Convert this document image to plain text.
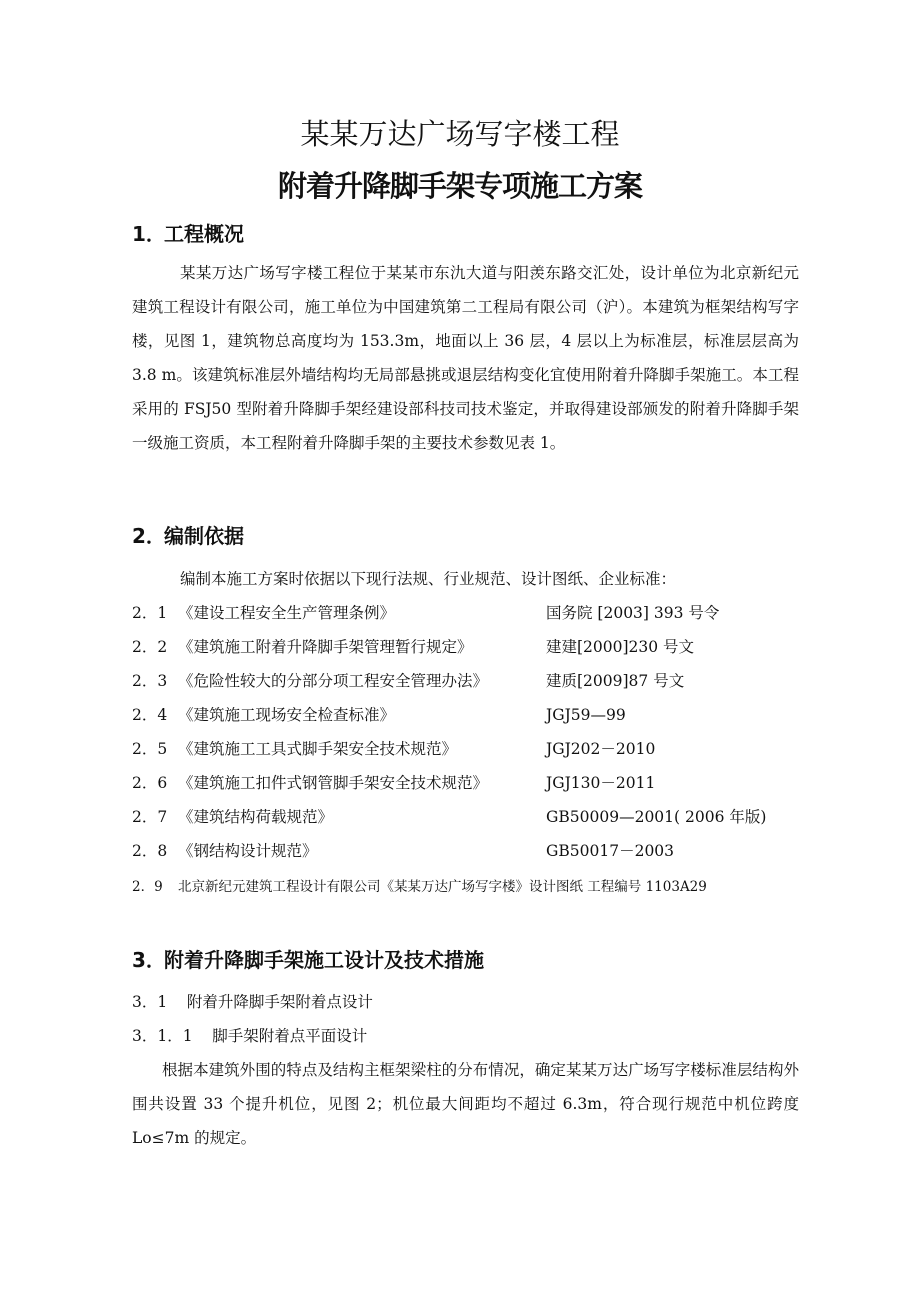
某某万达广场写字楼工程
附着升降脚手架专项施工方案
1．工程概况

某某万达广场写字楼工程位于某某市东氿大道与阳羡东路交汇处，设计单位为北京新纪元建筑工程设计有限公司，施工单位为中国建筑第二工程局有限公司（沪）。本建筑为框架结构写字楼，见图 1，建筑物总高度均为 153.3m，地面以上 36 层，4 层以上为标准层，标准层层高为 3.8 m。该建筑标准层外墙结构均无局部悬挑或退层结构变化宜使用附着升降脚手架施工。本工程采用的 FSJ50 型附着升降脚手架经建设部科技司技术鉴定，并取得建设部颁发的附着升降脚手架一级施工资质，本工程附着升降脚手架的主要技术参数见表 1。

2．编制依据
编制本施工方案时依据以下现行法规、行业规范、设计图纸、企业标准：
2．1 《建设工程安全生产管理条例》	国务院 [2003] 393 号令
2．2 《建筑施工附着升降脚手架管理暂行规定》	建建[2000]230 号文
2．3 《危险性较大的分部分项工程安全管理办法》	建质[2009]87 号文
2．4 《建筑施工现场安全检查标准》	JGJ59—99
2．5 《建筑施工工具式脚手架安全技术规范》	JGJ202－2010
2．6 《建筑施工扣件式钢管脚手架安全技术规范》	JGJ130－2011
2．7 《建筑结构荷载规范》	GB50009—2001( 2006 年版)
2．8 《钢结构设计规范》	GB50017－2003
2．9 北京新纪元建筑工程设计有限公司《某某万达广场写字楼》设计图纸 工程编号 1103A29
3．附着升降脚手架施工设计及技术措施
3．1    附着升降脚手架附着点设计
3．1．1    脚手架附着点平面设计

根据本建筑外围的特点及结构主框架梁柱的分布情况，确定某某万达广场写字楼标准层结构外围共设置 33 个提升机位，见图 2；机位最大间距均不超过 6.3m，符合现行规范中机位跨度 Lo≤7m 的规定。
